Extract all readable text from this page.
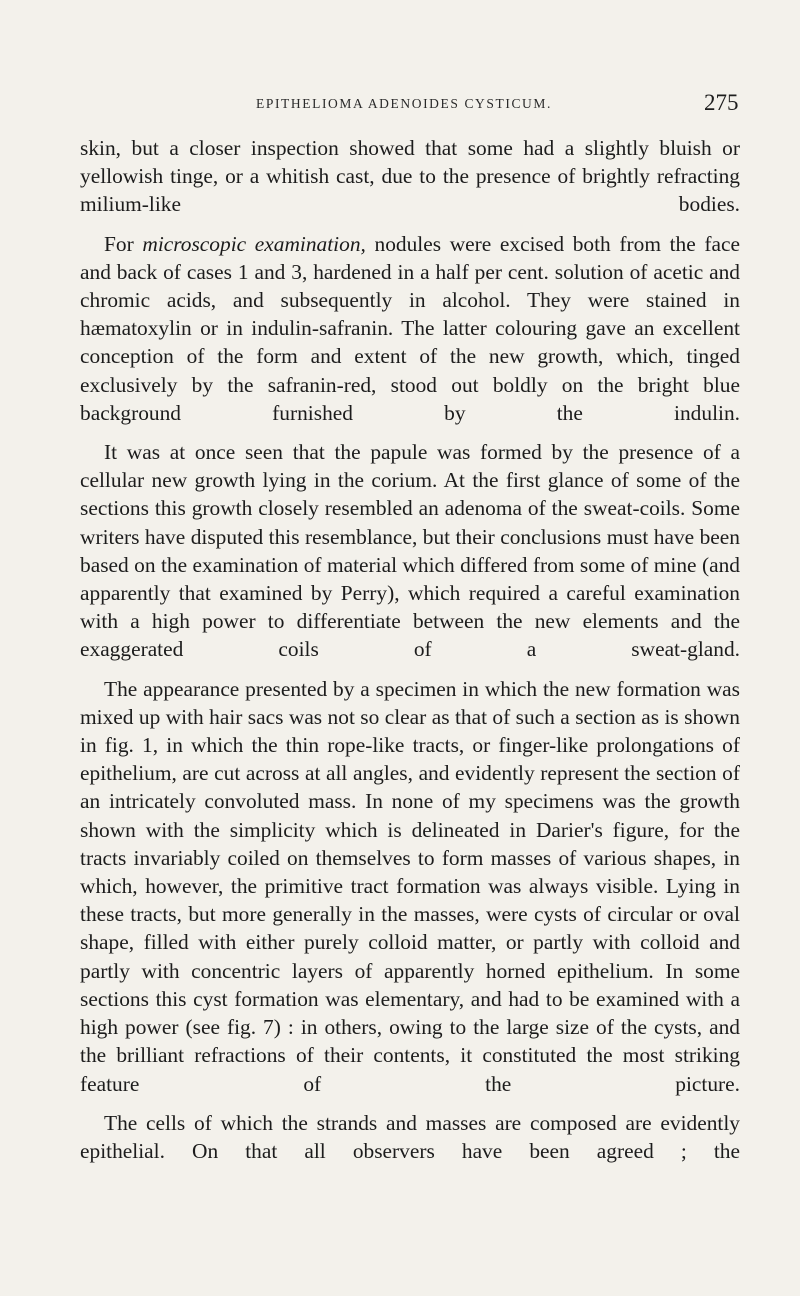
EPITHELIOMA ADENOIDES CYSTICUM.	275

skin, but a closer inspection showed that some had a slightly bluish or yellowish tinge, or a whitish cast, due to the presence of brightly refracting milium-like bodies.

For microscopic examination, nodules were excised both from the face and back of cases 1 and 3, hardened in a half per cent. solution of acetic and chromic acids, and subsequently in alcohol. They were stained in hæmatoxylin or in indulin-safranin. The latter colouring gave an excellent conception of the form and extent of the new growth, which, tinged exclusively by the safranin-red, stood out boldly on the bright blue background furnished by the indulin.

It was at once seen that the papule was formed by the presence of a cellular new growth lying in the corium. At the first glance of some of the sections this growth closely resembled an adenoma of the sweat-coils. Some writers have disputed this resemblance, but their conclusions must have been based on the examination of material which differed from some of mine (and apparently that examined by Perry), which required a careful examination with a high power to differentiate between the new elements and the exaggerated coils of a sweat-gland.

The appearance presented by a specimen in which the new formation was mixed up with hair sacs was not so clear as that of such a section as is shown in fig. 1, in which the thin rope-like tracts, or finger-like prolongations of epithelium, are cut across at all angles, and evidently represent the section of an intricately convoluted mass. In none of my specimens was the growth shown with the simplicity which is delineated in Darier's figure, for the tracts invariably coiled on themselves to form masses of various shapes, in which, however, the primitive tract formation was always visible. Lying in these tracts, but more generally in the masses, were cysts of circular or oval shape, filled with either purely colloid matter, or partly with colloid and partly with concentric layers of apparently horned epithelium. In some sections this cyst formation was elementary, and had to be examined with a high power (see fig. 7) : in others, owing to the large size of the cysts, and the brilliant refractions of their contents, it constituted the most striking feature of the picture.

The cells of which the strands and masses are composed are evidently epithelial. On that all observers have been agreed ; the
